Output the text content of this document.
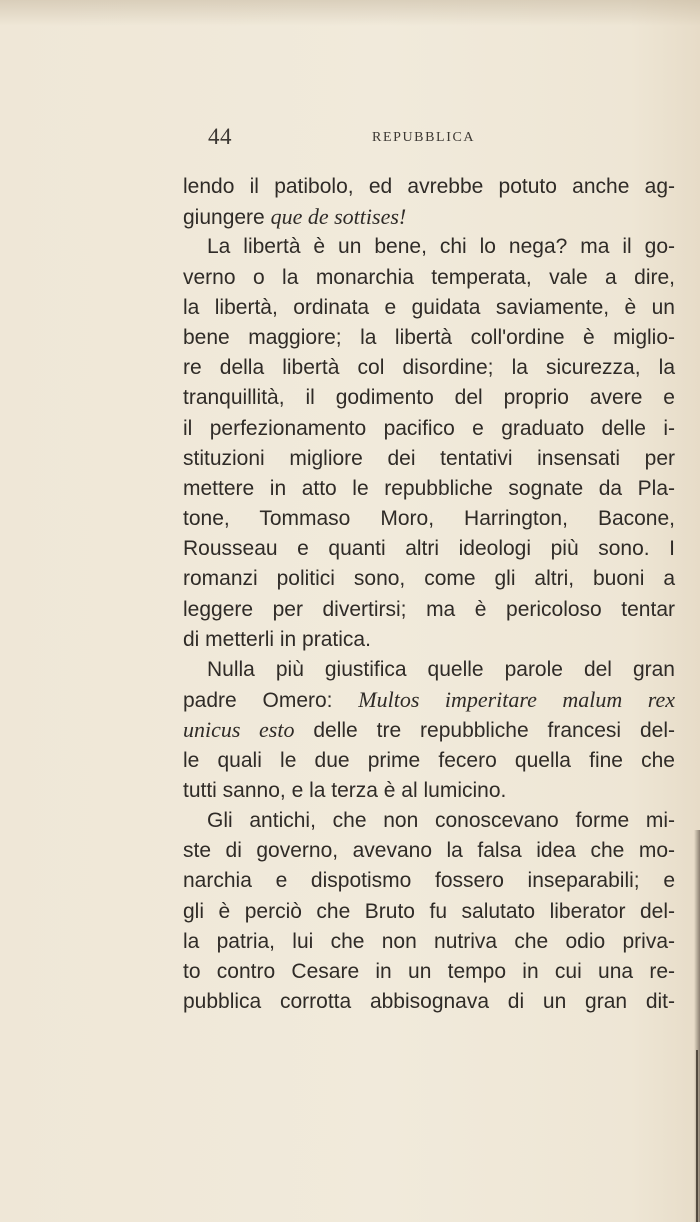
44	REPUBBLICA
lendo il patibolo, ed avrebbe potuto anche ag-
giungere que de sottises!
La libertà è un bene, chi lo nega? ma il go-
verno o la monarchia temperata, vale a dire,
la libertà, ordinata e guidata saviamente, è un
bene maggiore; la libertà coll'ordine è miglio-
re della libertà col disordine; la sicurezza, la
tranquillità, il godimento del proprio avere e
il perfezionamento pacifico e graduato delle i-
stituzioni migliore dei tentativi insensati per
mettere in atto le repubbliche sognate da Pla-
tone, Tommaso Moro, Harrington, Bacone,
Rousseau e quanti altri ideologi più sono. I
romanzi politici sono, come gli altri, buoni a
leggere per divertirsi; ma è pericoloso tentar
di metterli in pratica.
Nulla più giustifica quelle parole del gran
padre Omero: Multos imperitare malum rex
unicus esto delle tre repubbliche francesi del-
le quali le due prime fecero quella fine che
tutti sanno, e la terza è al lumicino.
Gli antichi, che non conoscevano forme mi-
ste di governo, avevano la falsa idea che mo-
narchia e dispotismo fossero inseparabili; e
gli è perciò che Bruto fu salutato liberator del-
la patria, lui che non nutriva che odio priva-
to contro Cesare in un tempo in cui una re-
pubblica corrotta abbisognava di un gran dit-
